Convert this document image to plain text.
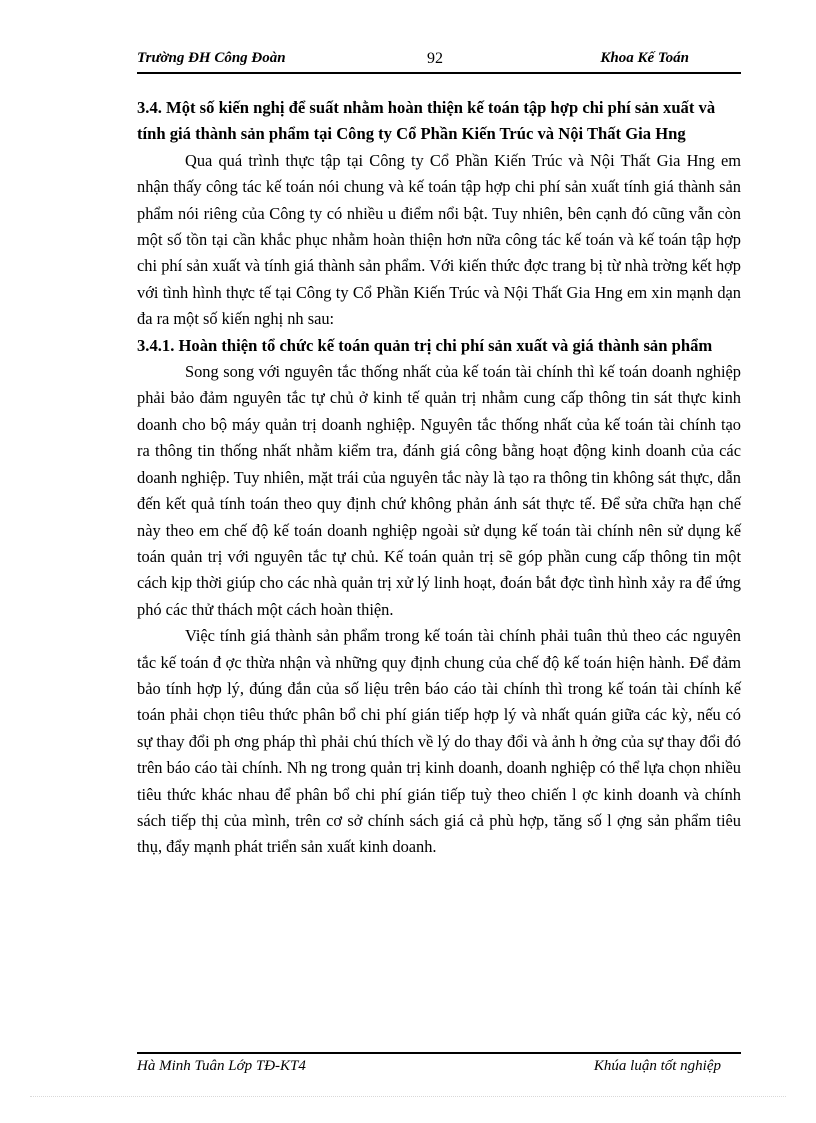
Trường ĐH Công Đoàn	92	Khoa Kế Toán

3.4. Một số kiến nghị để suất nhằm hoàn thiện kế toán tập hợp chi phí sản xuất và tính giá thành sản phẩm tại Công ty Cổ Phần Kiến Trúc và Nội Thất Gia Hng

Qua quá trình thực tập tại Công ty Cổ Phần Kiến Trúc và Nội Thất Gia Hng em nhận thấy công tác kế toán nói chung và kế toán tập hợp chi phí sản xuất tính giá thành sản phẩm nói riêng của Công ty có nhiều u điểm nổi bật. Tuy nhiên, bên cạnh đó cũng vẫn còn một số tồn tại cần khắc phục nhằm hoàn thiện hơn nữa công tác kế toán và kế toán tập hợp chi phí sản xuất và tính giá thành sản phẩm. Với kiến thức đợc trang bị từ nhà trờng kết hợp với tình hình thực tế tại Công ty Cổ Phần Kiến Trúc và Nội Thất Gia Hng em xin mạnh dạn đa ra một số kiến nghị nh sau:

3.4.1. Hoàn thiện tổ chức kế toán quản trị chi phí sản xuất và giá thành sản phẩm

Song song với nguyên tắc thống nhất của kế toán tài chính thì kế toán doanh nghiệp phải bảo đảm nguyên tắc tự chủ ở kinh tế quản trị nhằm cung cấp thông tin sát thực kinh doanh cho bộ máy quản trị doanh nghiệp. Nguyên tắc thống nhất của kế toán tài chính tạo ra thông tin thống nhất nhằm kiểm tra, đánh giá công bằng hoạt động kinh doanh của các doanh nghiệp. Tuy nhiên, mặt trái của nguyên tắc này là tạo ra thông tin không sát thực, dẫn đến kết quả tính toán theo quy định chứ không phản ánh sát thực tế. Để sửa chữa hạn chế này theo em chế độ kế toán doanh nghiệp ngoài sử dụng kế toán tài chính nên sử dụng kế toán quản trị với nguyên tắc tự chủ. Kế toán quản trị sẽ góp phần cung cấp thông tin một cách kịp thời giúp cho các nhà quản trị xử lý linh hoạt, đoán bắt đợc tình hình xảy ra để ứng phó các thử thách một cách hoàn thiện.

Việc tính giá thành sản phẩm trong kế toán tài chính phải tuân thủ theo các nguyên tắc kế toán đ ợc thừa nhận và những quy định chung của chế độ kế toán hiện hành. Để đảm bảo tính hợp lý, đúng đắn của số liệu trên báo cáo tài chính thì trong kế toán tài chính kế toán phải chọn tiêu thức phân bổ chi phí gián tiếp hợp lý và nhất quán giữa các kỳ, nếu có sự thay đổi ph ơng pháp thì phải chú thích về lý do thay đổi và ảnh h ởng của sự thay đổi đó trên báo cáo tài chính. Nh ng trong quản trị kinh doanh, doanh nghiệp có thể lựa chọn nhiều tiêu thức khác nhau để phân bổ chi phí gián tiếp tuỳ theo chiến l ợc kinh doanh và chính sách tiếp thị của mình, trên cơ sở chính sách giá cả phù hợp, tăng số l ợng sản phẩm tiêu thụ, đẩy mạnh phát triển sản xuất kinh doanh.

Hà Minh Tuân Lớp TĐ-KT4	Khúa luận tốt nghiệp
